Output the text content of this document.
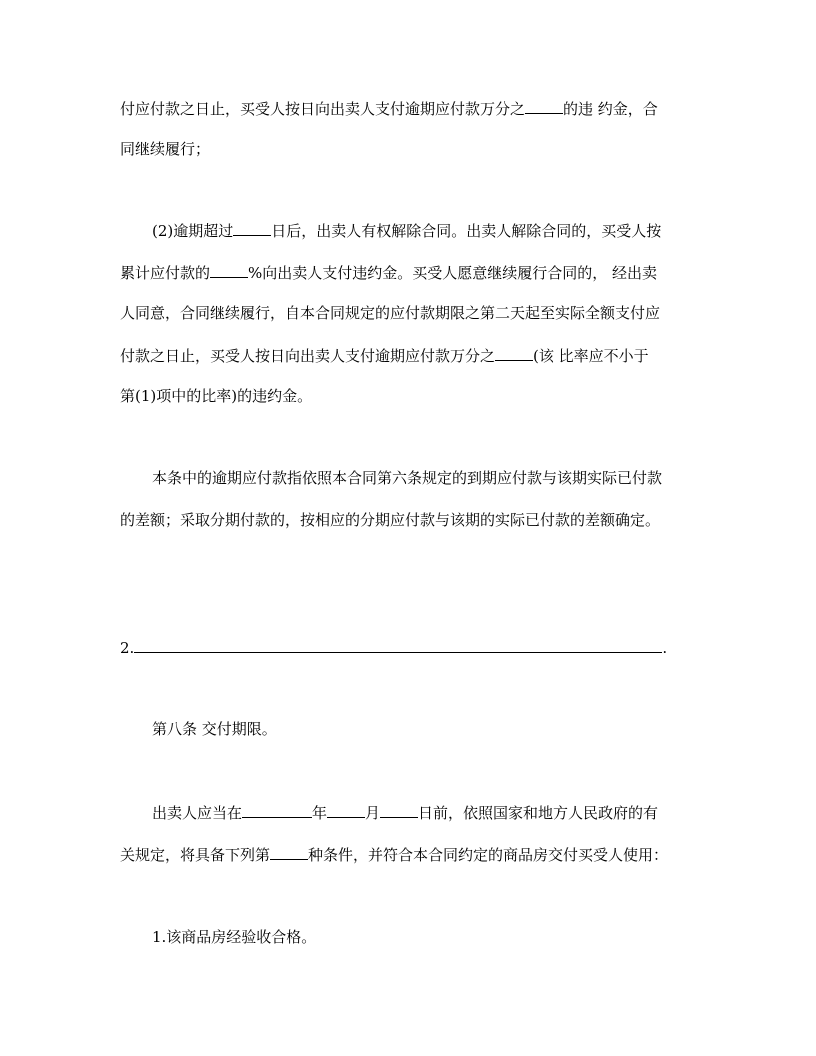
付应付款之日止，买受人按日向出卖人支付逾期应付款万分之	的违 约金，合
同继续履行；
(2)逾期超过	日后，出卖人有权解除合同。出卖人解除合同的，买受人按
累计应付款的	%向出卖人支付违约金。买受人愿意继续履行合同的， 经出卖
人同意，合同继续履行，自本合同规定的应付款期限之第二天起至实际全额支付应
付款之日止，买受人按日向出卖人支付逾期应付款万分之	(该 比率应不小于
第(1)项中的比率)的违约金。
本条中的逾期应付款指依照本合同第六条规定的到期应付款与该期实际已付款
的差额；采取分期付款的，按相应的分期应付款与该期的实际已付款的差额确定。
2.	.
第八条 交付期限。
出卖人应当在	年	月	日前，依照国家和地方人民政府的有
关规定，将具备下列第	种条件，并符合本合同约定的商品房交付买受人使用：
1.该商品房经验收合格。
